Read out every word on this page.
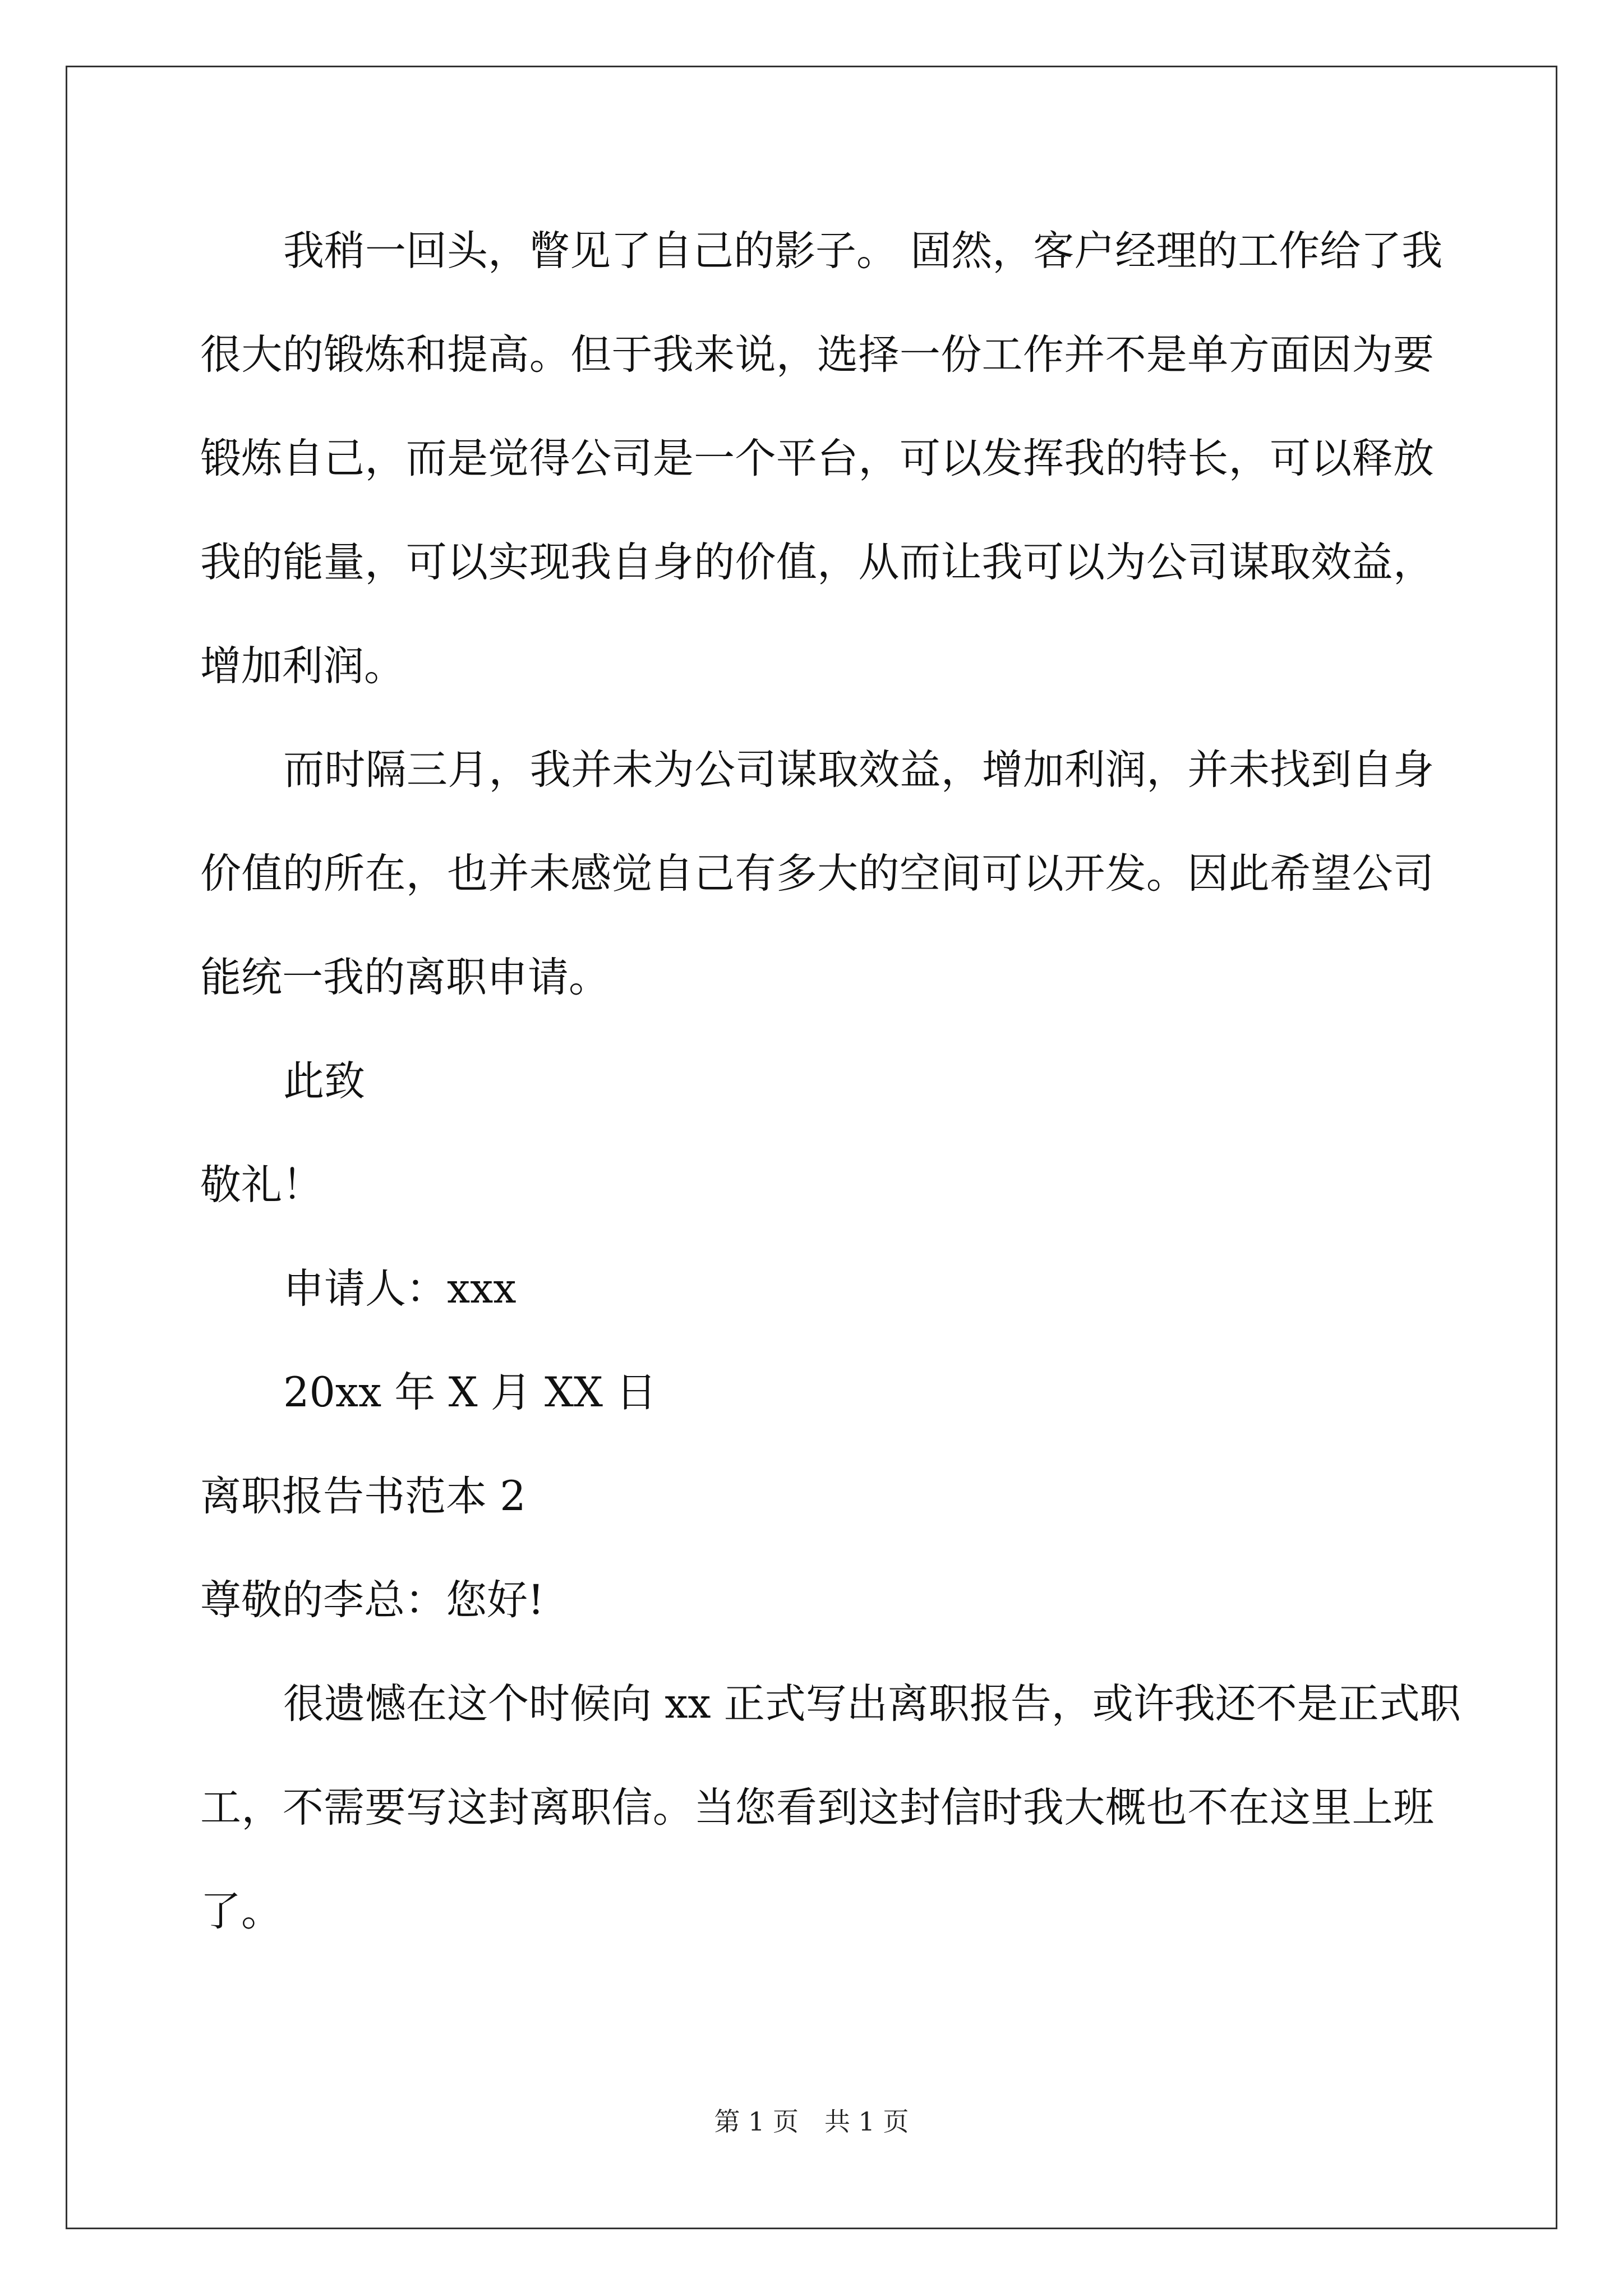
我稍一回头，瞥见了自己的影子。 固然，客户经理的工作给了我
很大的锻炼和提高。但于我来说，选择一份工作并不是单方面因为要
锻炼自己，而是觉得公司是一个平台，可以发挥我的特长，可以释放
我的能量，可以实现我自身的价值，从而让我可以为公司谋取效益，
增加利润。
而时隔三月，我并未为公司谋取效益，增加利润，并未找到自身
价值的所在，也并未感觉自己有多大的空间可以开发。因此希望公司
能统一我的离职申请。
此致
敬礼！
申请人：xxx
20xx 年 X 月 XX 日
离职报告书范本 2
尊敬的李总：您好!
很遗憾在这个时候向 xx 正式写出离职报告，或许我还不是正式职
工，不需要写这封离职信。当您看到这封信时我大概也不在这里上班
了。
第 1 页　共 1 页
